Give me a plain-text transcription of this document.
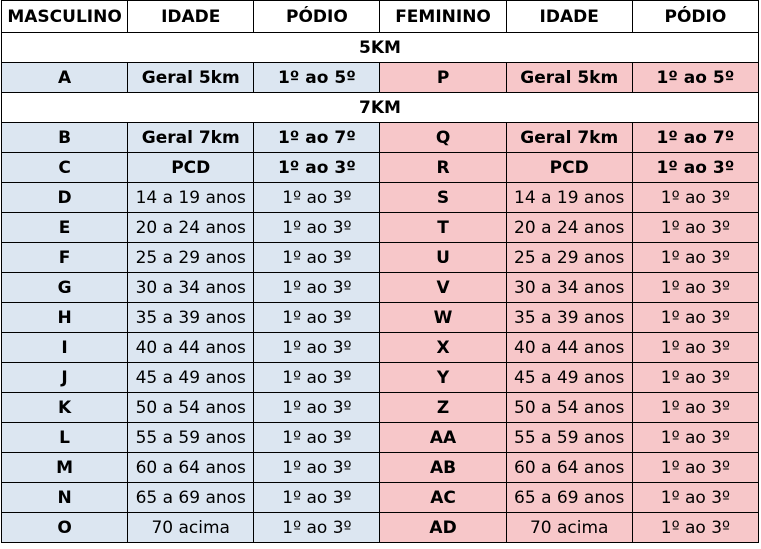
MASCULINO	IDADE	PÓDIO	FEMININO	IDADE	PÓDIO
5KM					
A	Geral 5km	1º ao 5º	P	Geral 5km	1º ao 5º
7KM					
B	Geral 7km	1º ao 7º	Q	Geral 7km	1º ao 7º
C	PCD	1º ao 3º	R	PCD	1º ao 3º
D	14 a 19 anos	1º ao 3º	S	14 a 19 anos	1º ao 3º
E	20 a 24 anos	1º ao 3º	T	20 a 24 anos	1º ao 3º
F	25 a 29 anos	1º ao 3º	U	25 a 29 anos	1º ao 3º
G	30 a 34 anos	1º ao 3º	V	30 a 34 anos	1º ao 3º
H	35 a 39 anos	1º ao 3º	W	35 a 39 anos	1º ao 3º
I	40 a 44 anos	1º ao 3º	X	40 a 44 anos	1º ao 3º
J	45 a 49 anos	1º ao 3º	Y	45 a 49 anos	1º ao 3º
K	50 a 54 anos	1º ao 3º	Z	50 a 54 anos	1º ao 3º
L	55 a 59 anos	1º ao 3º	AA	55 a 59 anos	1º ao 3º
M	60 a 64 anos	1º ao 3º	AB	60 a 64 anos	1º ao 3º
N	65 a 69 anos	1º ao 3º	AC	65 a 69 anos	1º ao 3º
O	70 acima	1º ao 3º	AD	70 acima	1º ao 3º
